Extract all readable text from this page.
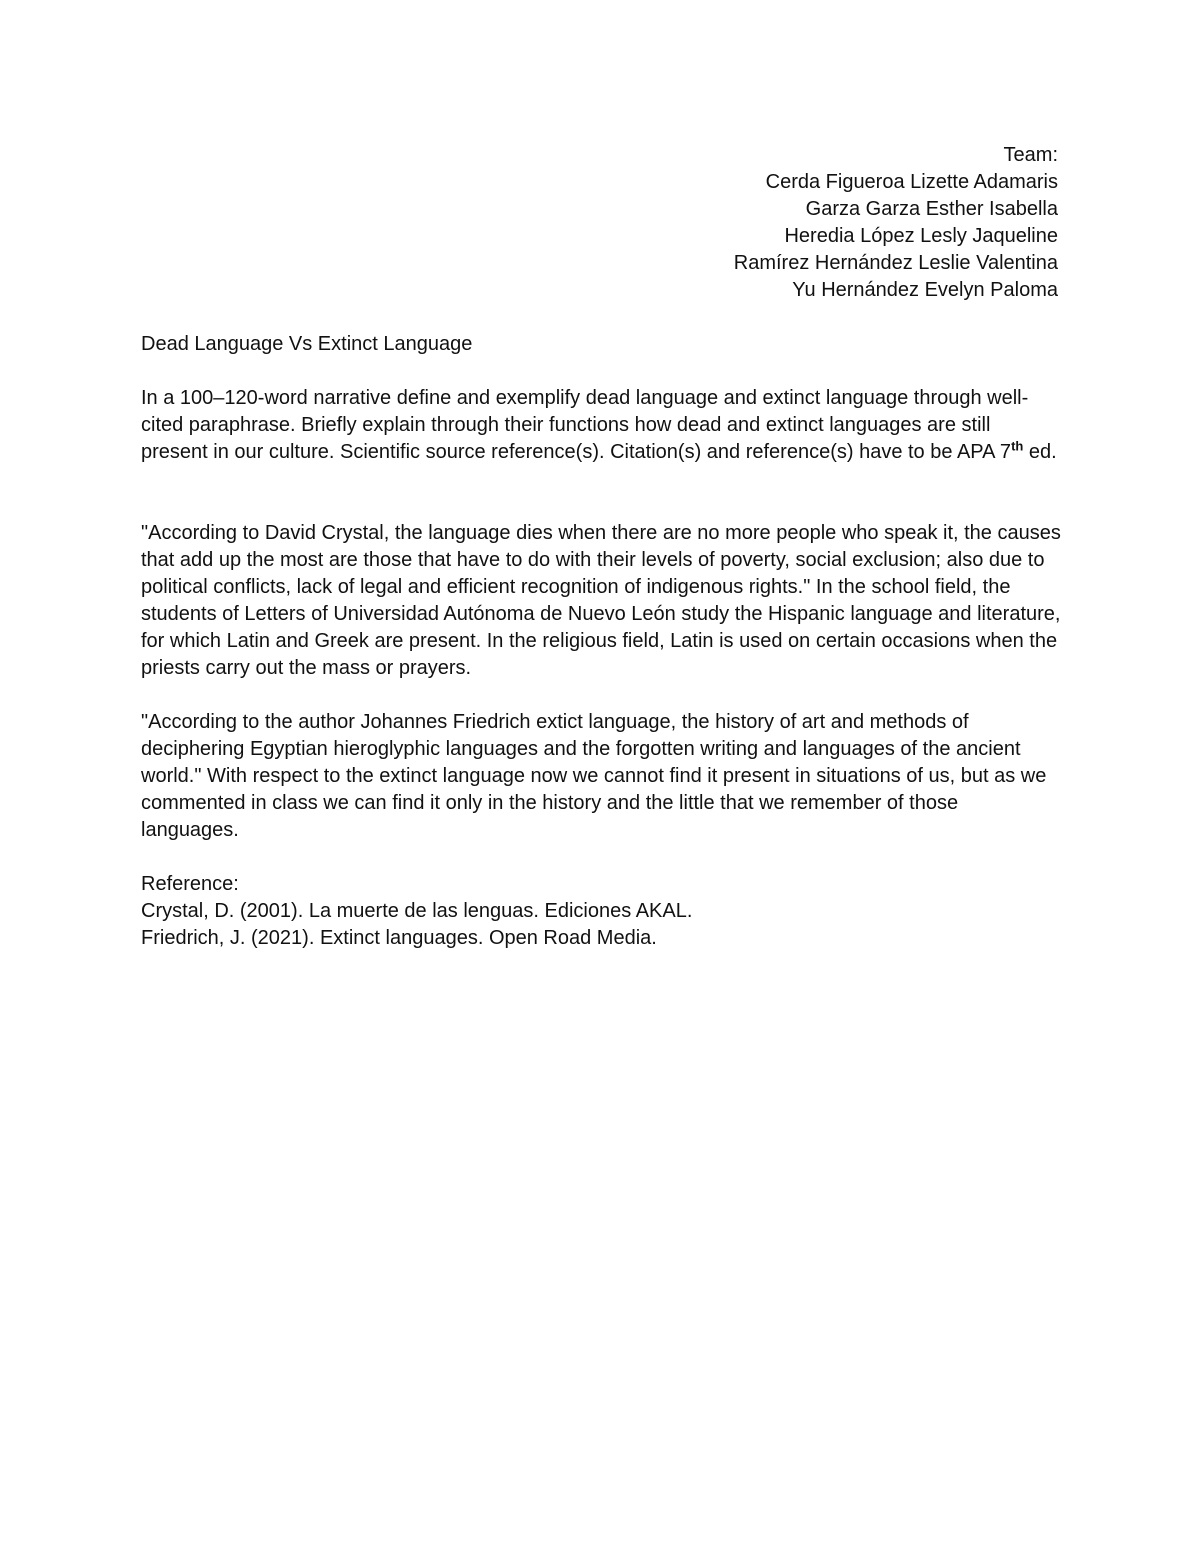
Team:
Cerda Figueroa Lizette Adamaris
Garza Garza Esther Isabella
Heredia López Lesly Jaqueline
Ramírez Hernández Leslie Valentina
Yu Hernández Evelyn Paloma

Dead Language Vs Extinct Language

In a 100–120-word narrative define and exemplify dead language and extinct language through well-cited paraphrase. Briefly explain through their functions how dead and extinct languages are still present in our culture. Scientific source reference(s). Citation(s) and reference(s) have to be APA 7th ed.

"According to David Crystal, the language dies when there are no more people who speak it, the causes that add up the most are those that have to do with their levels of poverty, social exclusion; also due to political conflicts, lack of legal and efficient recognition of indigenous rights." In the school field, the students of Letters of Universidad Autónoma de Nuevo León study the Hispanic language and literature, for which Latin and Greek are present. In the religious field, Latin is used on certain occasions when the priests carry out the mass or prayers.

"According to the author Johannes Friedrich extict language, the history of art and methods of deciphering Egyptian hieroglyphic languages and the forgotten writing and languages of the ancient world." With respect to the extinct language now we cannot find it present in situations of us, but as we commented in class we can find it only in the history and the little that we remember of those languages.

Reference:
Crystal, D. (2001). La muerte de las lenguas. Ediciones AKAL.
Friedrich, J. (2021). Extinct languages. Open Road Media.
